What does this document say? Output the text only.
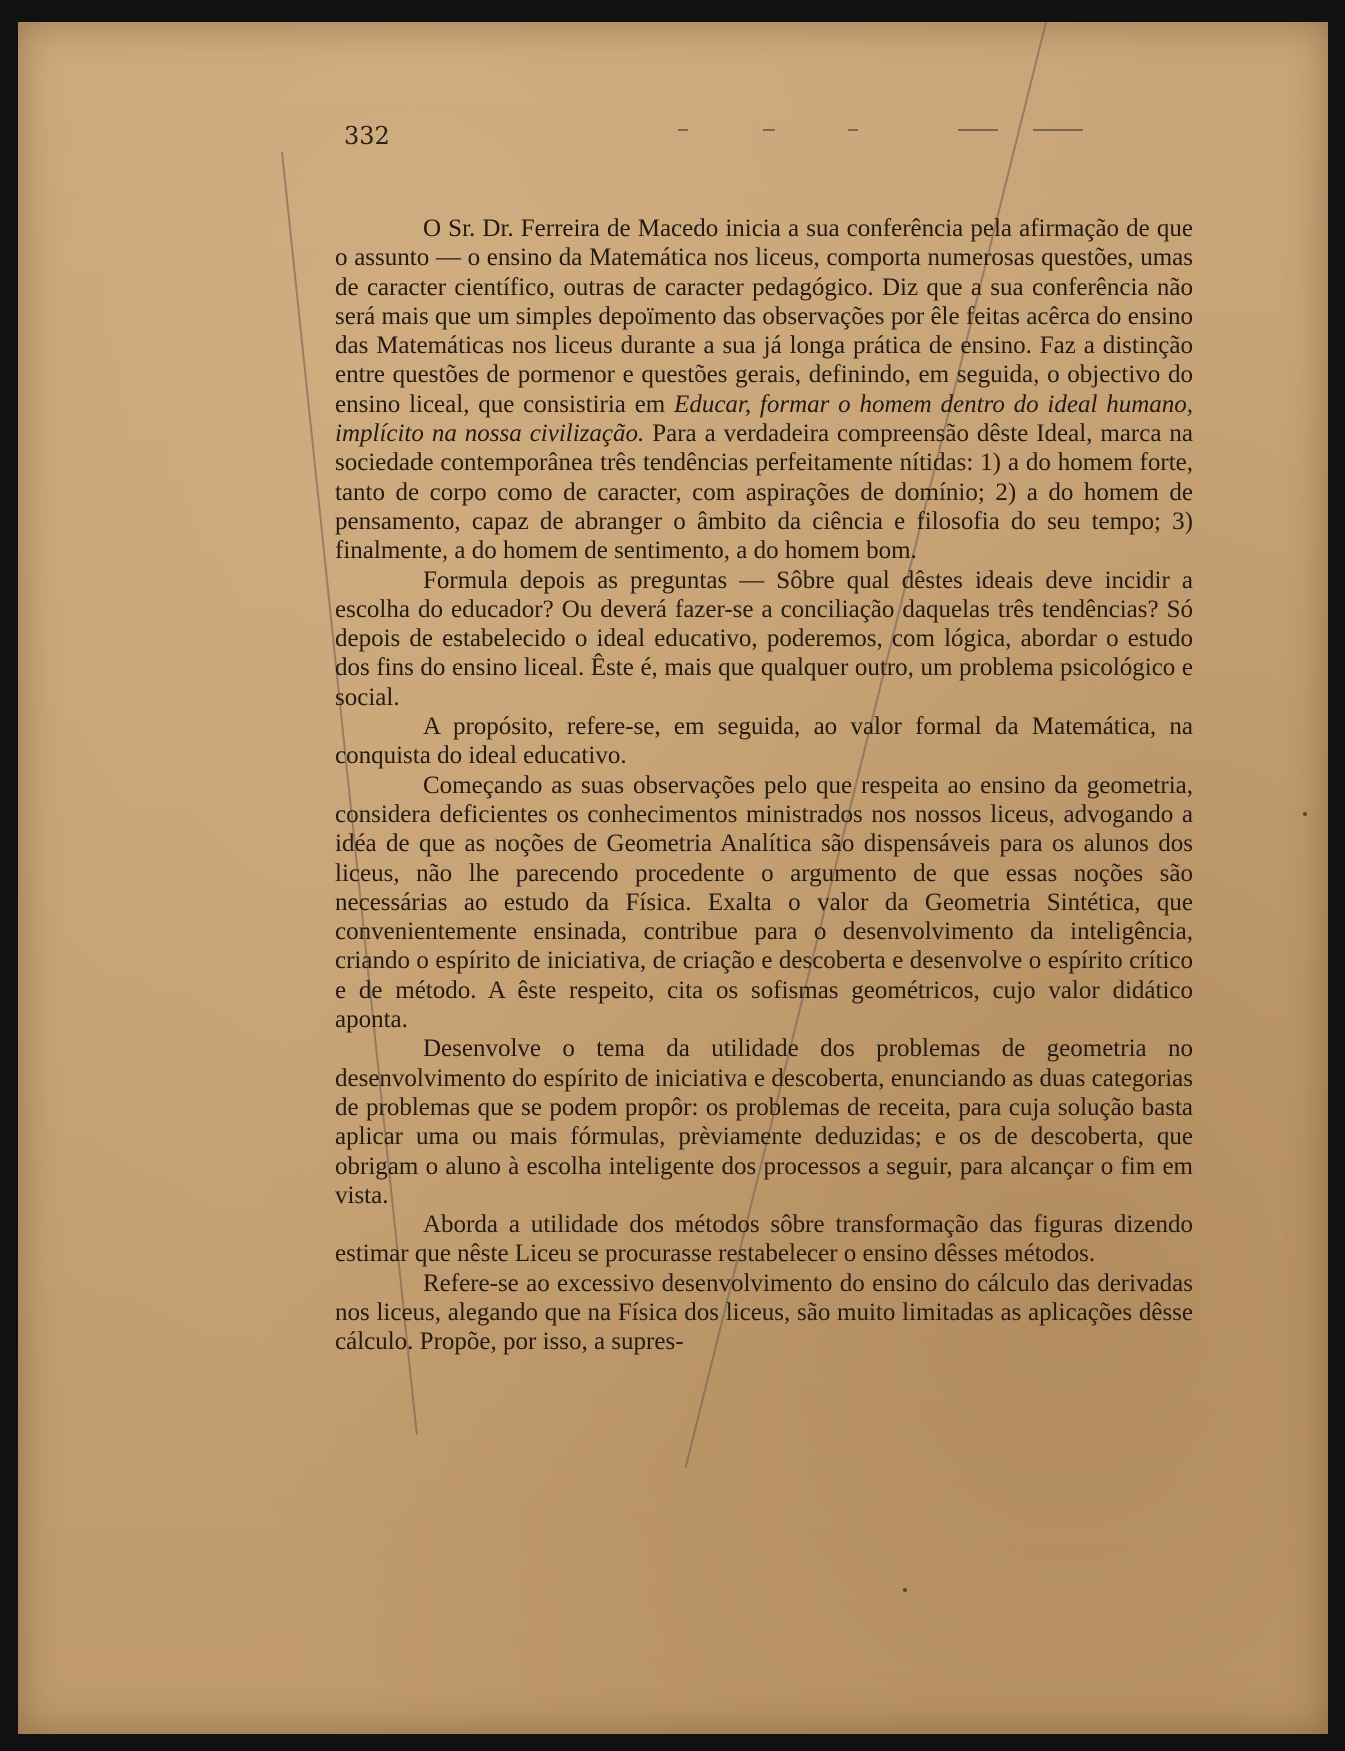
332

O Sr. Dr. Ferreira de Macedo inicia a sua conferência pela afirmação de que o assunto — o ensino da Matemática nos liceus, comporta numerosas questões, umas de caracter científico, outras de caracter pedagógico. Diz que a sua conferência não será mais que um simples depoïmento das observações por êle feitas acêrca do ensino das Matemáticas nos liceus durante a sua já longa prática de ensino. Faz a distinção entre questões de pormenor e questões gerais, definindo, em seguida, o objectivo do ensino liceal, que consistiria em Educar, formar o homem dentro do ideal humano, implícito na nossa civilização. Para a verdadeira compreensão dêste Ideal, marca na sociedade contemporânea três tendências perfeitamente nítidas: 1) a do homem forte, tanto de corpo como de caracter, com aspirações de domínio; 2) a do homem de pensamento, capaz de abranger o âmbito da ciência e filosofia do seu tempo; 3) finalmente, a do homem de sentimento, a do homem bom.

Formula depois as preguntas — Sôbre qual dêstes ideais deve incidir a escolha do educador? Ou deverá fazer-se a conciliação daquelas três tendências? Só depois de estabelecido o ideal educativo, poderemos, com lógica, abordar o estudo dos fins do ensino liceal. Êste é, mais que qualquer outro, um problema psicológico e social.

A propósito, refere-se, em seguida, ao valor formal da Matemática, na conquista do ideal educativo.

Começando as suas observações pelo que respeita ao ensino da geometria, considera deficientes os conhecimentos ministrados nos nossos liceus, advogando a idéa de que as noções de Geometria Analítica são dispensáveis para os alunos dos liceus, não lhe parecendo procedente o argumento de que essas noções são necessárias ao estudo da Física. Exalta o valor da Geometria Sintética, que convenientemente ensinada, contribue para o desenvolvimento da inteligência, criando o espírito de iniciativa, de criação e descoberta e desenvolve o espírito crítico e de método. A êste respeito, cita os sofismas geométricos, cujo valor didático aponta.

Desenvolve o tema da utilidade dos problemas de geometria no desenvolvimento do espírito de iniciativa e descoberta, enunciando as duas categorias de problemas que se podem propôr: os problemas de receita, para cuja solução basta aplicar uma ou mais fórmulas, prèviamente deduzidas; e os de descoberta, que obrigam o aluno à escolha inteligente dos processos a seguir, para alcançar o fim em vista.

Aborda a utilidade dos métodos sôbre transformação das figuras dizendo estimar que nêste Liceu se procurasse restabelecer o ensino dêsses métodos.

Refere-se ao excessivo desenvolvimento do ensino do cálculo das derivadas nos liceus, alegando que na Física dos liceus, são muito limitadas as aplicações dêsse cálculo. Propõe, por isso, a supres-
